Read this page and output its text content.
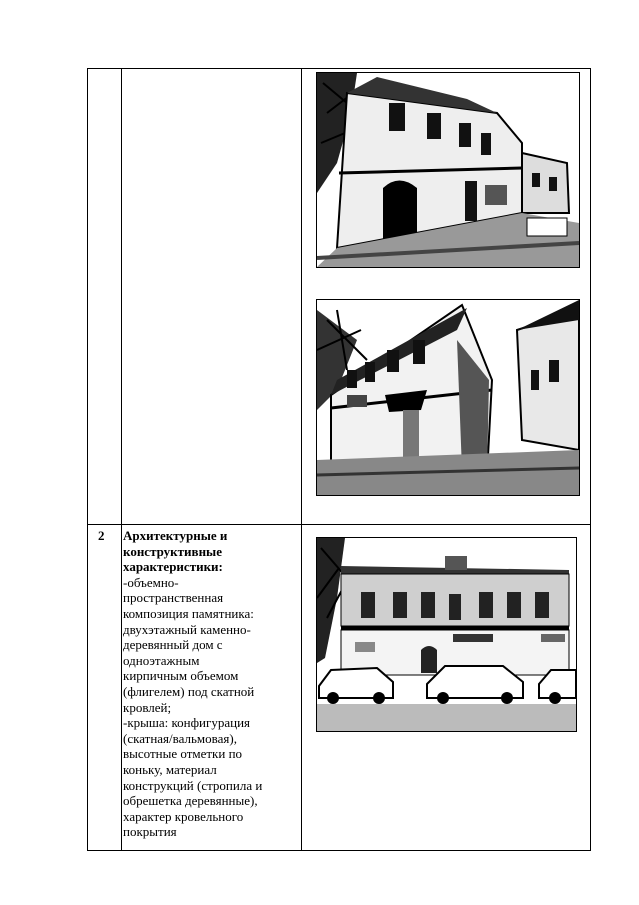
2 Архитектурные и конструктивные характеристики:
-объемно-
пространственная
композиция памятника:
двухэтажный каменно-
деревянный дом с
одноэтажным
кирпичным объемом
(флигелем) под скатной
кровлей;
-крыша: конфигурация
(скатная/вальмовая),
высотные отметки по
коньку, материал
конструкций (стропила и
обрешетка деревянные),
характер кровельного
покрытия
